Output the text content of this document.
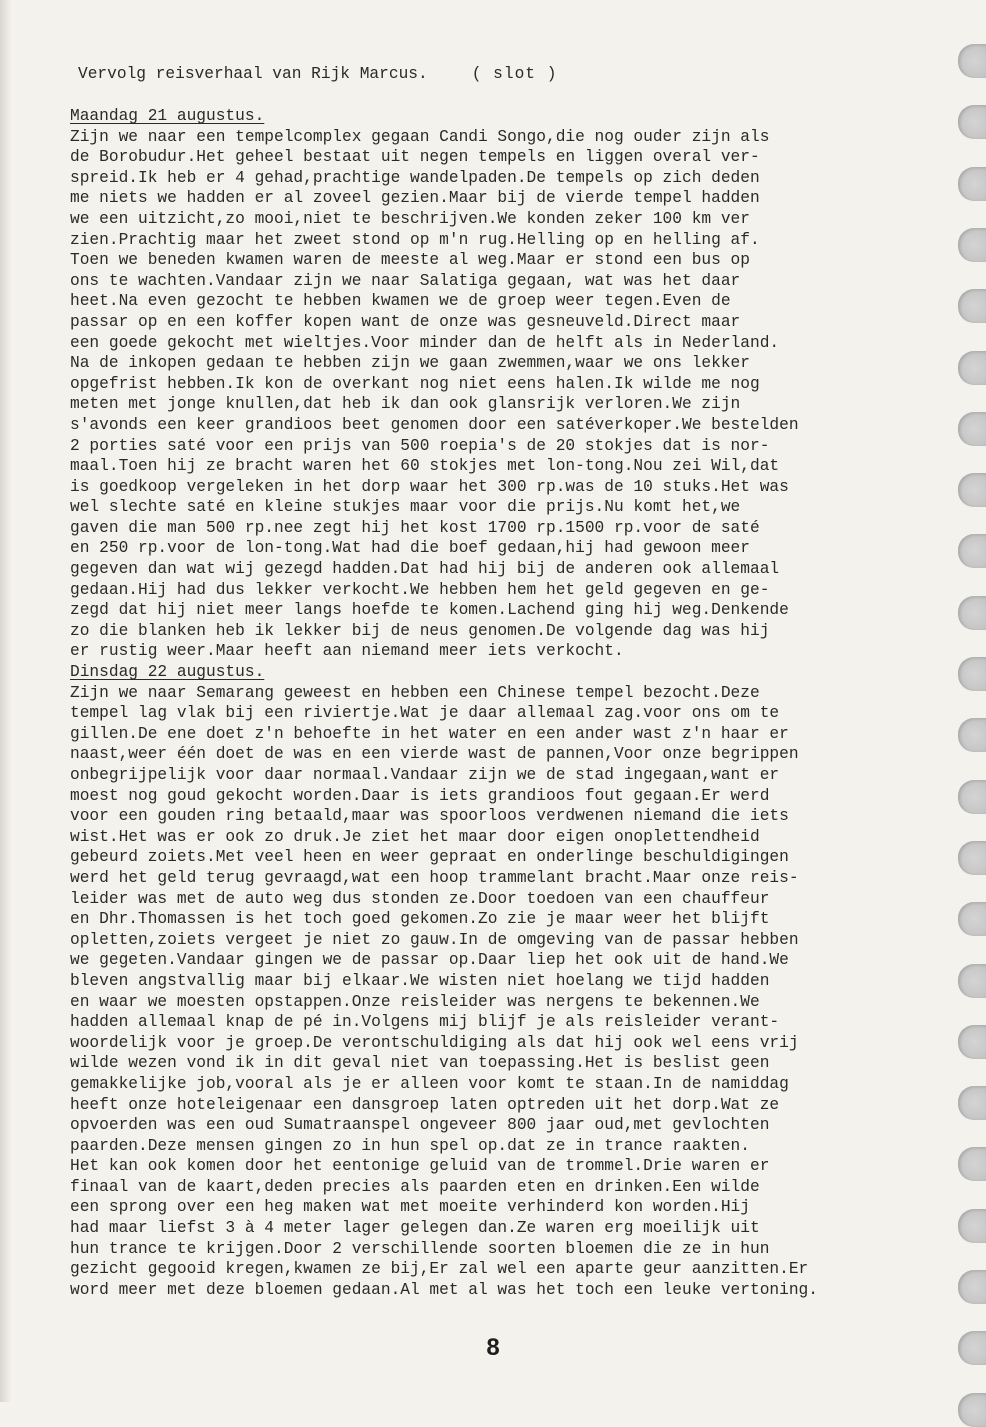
Vervolg reisverhaal van Rijk Marcus.	( slot )
Maandag 21 augustus.
Zijn we naar een tempelcomplex gegaan Candi Songo,die nog ouder zijn als
de Borobudur.Het geheel bestaat uit negen tempels en liggen overal ver-
spreid.Ik heb er 4 gehad,prachtige wandelpaden.De tempels op zich deden
me niets we hadden er al zoveel gezien.Maar bij de vierde tempel hadden
we een uitzicht,zo mooi,niet te beschrijven.We konden zeker 100 km ver
zien.Prachtig maar het zweet stond op m'n rug.Helling op en helling af.
Toen we beneden kwamen waren de meeste al weg.Maar er stond een bus op
ons te wachten.Vandaar zijn we naar Salatiga gegaan, wat was het daar
heet.Na even gezocht te hebben kwamen we de groep weer tegen.Even de
passar op en een koffer kopen want de onze was gesneuveld.Direct maar
een goede gekocht met wieltjes.Voor minder dan de helft als in Nederland.
Na de inkopen gedaan te hebben zijn we gaan zwemmen,waar we ons lekker
opgefrist hebben.Ik kon de overkant nog niet eens halen.Ik wilde me nog
meten met jonge knullen,dat heb ik dan ook glansrijk verloren.We zijn
s'avonds een keer grandioos beet genomen door een satéverkoper.We bestelden
2 porties saté voor een prijs van 500 roepia's de 20 stokjes dat is nor-
maal.Toen hij ze bracht waren het 60 stokjes met lon-tong.Nou zei Wil,dat
is goedkoop vergeleken in het dorp waar het 300 rp.was de 10 stuks.Het was
wel slechte saté en kleine stukjes maar voor die prijs.Nu komt het,we
gaven die man 500 rp.nee zegt hij het kost 1700 rp.1500 rp.voor de saté
en 250 rp.voor de lon-tong.Wat had die boef gedaan,hij had gewoon meer
gegeven dan wat wij gezegd hadden.Dat had hij bij de anderen ook allemaal
gedaan.Hij had dus lekker verkocht.We hebben hem het geld gegeven en ge-
zegd dat hij niet meer langs hoefde te komen.Lachend ging hij weg.Denkende
zo die blanken heb ik lekker bij de neus genomen.De volgende dag was hij
er rustig weer.Maar heeft aan niemand meer iets verkocht.
Dinsdag 22 augustus.
Zijn we naar Semarang geweest en hebben een Chinese tempel bezocht.Deze
tempel lag vlak bij een riviertje.Wat je daar allemaal zag.voor ons om te
gillen.De ene doet z'n behoefte in het water en een ander wast z'n haar er
naast,weer één doet de was en een vierde wast de pannen,Voor onze begrippen
onbegrijpelijk voor daar normaal.Vandaar zijn we de stad ingegaan,want er
moest nog goud gekocht worden.Daar is iets grandioos fout gegaan.Er werd
voor een gouden ring betaald,maar was spoorloos verdwenen niemand die iets
wist.Het was er ook zo druk.Je ziet het maar door eigen onoplettendheid
gebeurd zoiets.Met veel heen en weer gepraat en onderlinge beschuldigingen
werd het geld terug gevraagd,wat een hoop trammelant bracht.Maar onze reis-
leider was met de auto weg dus stonden ze.Door toedoen van een chauffeur
en Dhr.Thomassen is het toch goed gekomen.Zo zie je maar weer het blijft
opletten,zoiets vergeet je niet zo gauw.In de omgeving van de passar hebben
we gegeten.Vandaar gingen we de passar op.Daar liep het ook uit de hand.We
bleven angstvallig maar bij elkaar.We wisten niet hoelang we tijd hadden
en waar we moesten opstappen.Onze reisleider was nergens te bekennen.We
hadden allemaal knap de pé in.Volgens mij blijf je als reisleider verant-
woordelijk voor je groep.De verontschuldiging als dat hij ook wel eens vrij
wilde wezen vond ik in dit geval niet van toepassing.Het is beslist geen
gemakkelijke job,vooral als je er alleen voor komt te staan.In de namiddag
heeft onze hoteleigenaar een dansgroep laten optreden uit het dorp.Wat ze
opvoerden was een oud Sumatraanspel ongeveer 800 jaar oud,met gevlochten
paarden.Deze mensen gingen zo in hun spel op.dat ze in trance raakten.
Het kan ook komen door het eentonige geluid van de trommel.Drie waren er
finaal van de kaart,deden precies als paarden eten en drinken.Een wilde
een sprong over een heg maken wat met moeite verhinderd kon worden.Hij
had maar liefst 3 à 4 meter lager gelegen dan.Ze waren erg moeilijk uit
hun trance te krijgen.Door 2 verschillende soorten bloemen die ze in hun
gezicht gegooid kregen,kwamen ze bij,Er zal wel een aparte geur aanzitten.Er
word meer met deze bloemen gedaan.Al met al was het toch een leuke vertoning.
8
